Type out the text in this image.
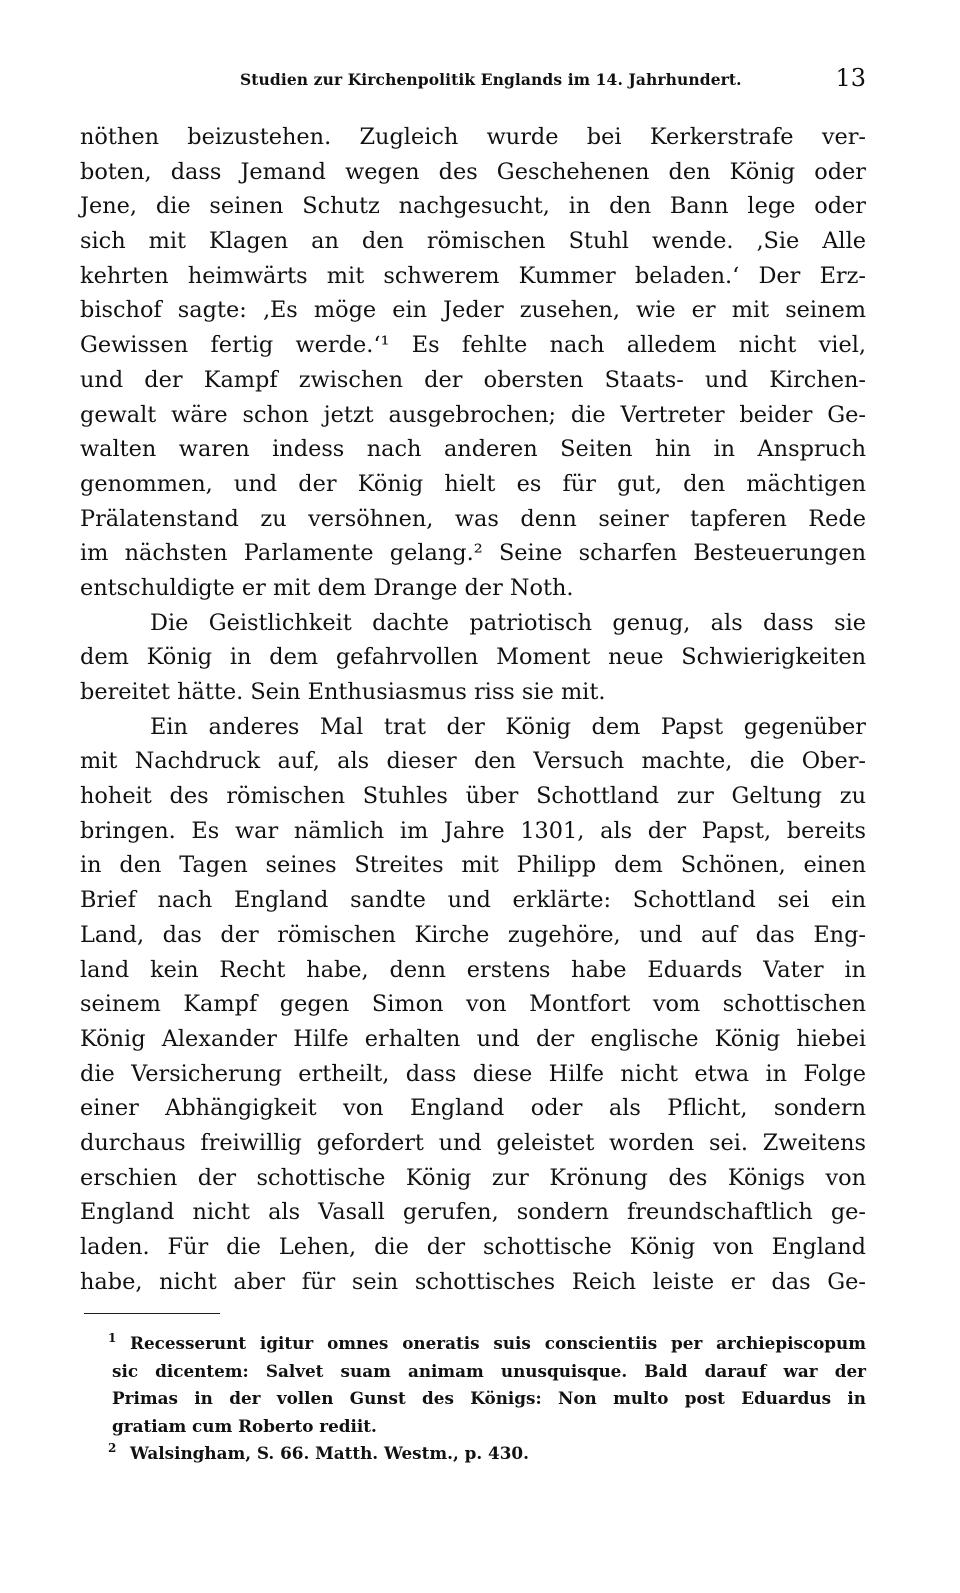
Studien zur Kirchenpolitik Englands im 14. Jahrhundert.	13
nöthen beizustehen. Zugleich wurde bei Kerkerstrafe ver-
boten, dass Jemand wegen des Geschehenen den König oder
Jene, die seinen Schutz nachgesucht, in den Bann lege oder
sich mit Klagen an den römischen Stuhl wende. ‚Sie Alle
kehrten heimwärts mit schwerem Kummer beladen.‘ Der Erz-
bischof sagte: ‚Es möge ein Jeder zusehen, wie er mit seinem
Gewissen fertig werde.‘¹ Es fehlte nach alledem nicht viel,
und der Kampf zwischen der obersten Staats- und Kirchen-
gewalt wäre schon jetzt ausgebrochen; die Vertreter beider Ge-
walten waren indess nach anderen Seiten hin in Anspruch
genommen, und der König hielt es für gut, den mächtigen
Prälatenstand zu versöhnen, was denn seiner tapferen Rede
im nächsten Parlamente gelang.² Seine scharfen Besteuerungen
entschuldigte er mit dem Drange der Noth.
Die Geistlichkeit dachte patriotisch genug, als dass sie
dem König in dem gefahrvollen Moment neue Schwierigkeiten
bereitet hätte. Sein Enthusiasmus riss sie mit.
Ein anderes Mal trat der König dem Papst gegenüber
mit Nachdruck auf, als dieser den Versuch machte, die Ober-
hoheit des römischen Stuhles über Schottland zur Geltung zu
bringen. Es war nämlich im Jahre 1301, als der Papst, bereits
in den Tagen seines Streites mit Philipp dem Schönen, einen
Brief nach England sandte und erklärte: Schottland sei ein
Land, das der römischen Kirche zugehöre, und auf das Eng-
land kein Recht habe, denn erstens habe Eduards Vater in
seinem Kampf gegen Simon von Montfort vom schottischen
König Alexander Hilfe erhalten und der englische König hiebei
die Versicherung ertheilt, dass diese Hilfe nicht etwa in Folge
einer Abhängigkeit von England oder als Pflicht, sondern
durchaus freiwillig gefordert und geleistet worden sei. Zweitens
erschien der schottische König zur Krönung des Königs von
England nicht als Vasall gerufen, sondern freundschaftlich ge-
laden. Für die Lehen, die der schottische König von England
habe, nicht aber für sein schottisches Reich leiste er das Ge-
1 Recesserunt igitur omnes oneratis suis conscientiis per archiepiscopum
sic dicentem: Salvet suam animam unusquisque. Bald darauf war der
Primas in der vollen Gunst des Königs: Non multo post Eduardus in
gratiam cum Roberto rediit.
2 Walsingham, S. 66. Matth. Westm., p. 430.
